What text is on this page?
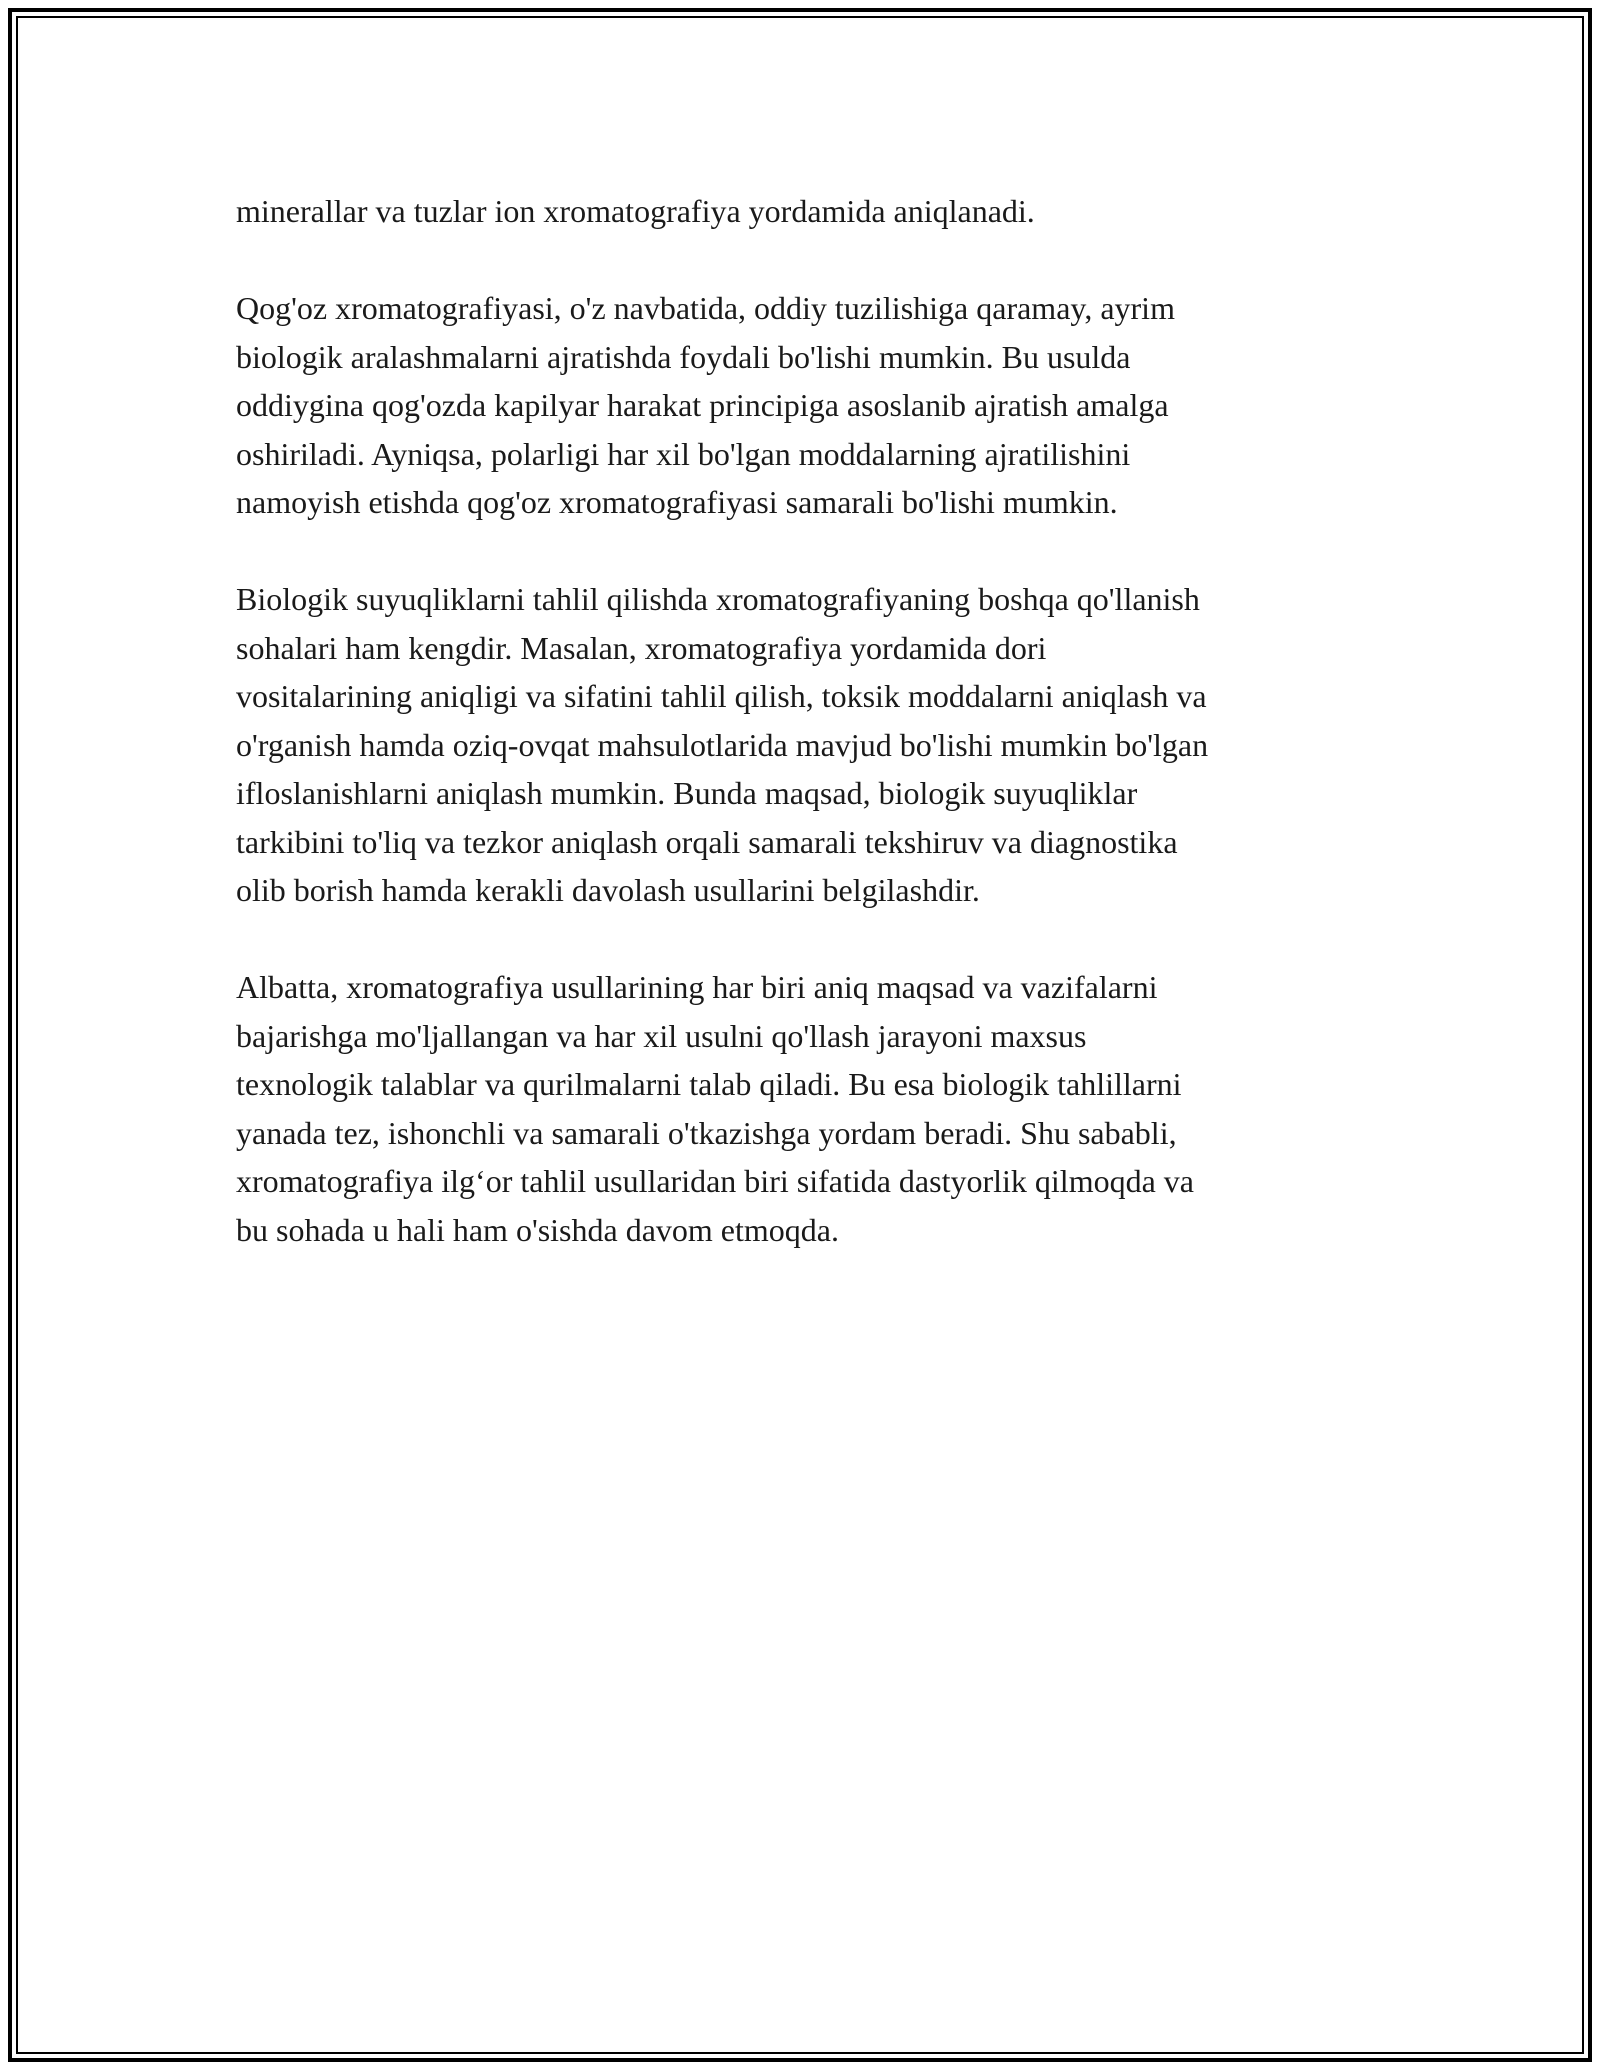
minerallar va tuzlar ion xromatografiya yordamida aniqlanadi.

Qog'oz xromatografiyasi, o'z navbatida, oddiy tuzilishiga qaramay, ayrim
biologik aralashmalarni ajratishda foydali bo'lishi mumkin. Bu usulda
oddiygina qog'ozda kapilyar harakat principiga asoslanib ajratish amalga
oshiriladi. Ayniqsa, polarligi har xil bo'lgan moddalarning ajratilishini
namoyish etishda qog'oz xromatografiyasi samarali bo'lishi mumkin.

Biologik suyuqliklarni tahlil qilishda xromatografiyaning boshqa qo'llanish
sohalari ham kengdir. Masalan, xromatografiya yordamida dori
vositalarining aniqligi va sifatini tahlil qilish, toksik moddalarni aniqlash va
o'rganish hamda oziq-ovqat mahsulotlarida mavjud bo'lishi mumkin bo'lgan
ifloslanishlarni aniqlash mumkin. Bunda maqsad, biologik suyuqliklar
tarkibini to'liq va tezkor aniqlash orqali samarali tekshiruv va diagnostika
olib borish hamda kerakli davolash usullarini belgilashdir.

Albatta, xromatografiya usullarining har biri aniq maqsad va vazifalarni
bajarishga mo'ljallangan va har xil usulni qo'llash jarayoni maxsus
texnologik talablar va qurilmalarni talab qiladi. Bu esa biologik tahlillarni
yanada tez, ishonchli va samarali o'tkazishga yordam beradi. Shu sababli,
xromatografiya ilg‘or tahlil usullaridan biri sifatida dastyorlik qilmoqda va
bu sohada u hali ham o'sishda davom etmoqda.
